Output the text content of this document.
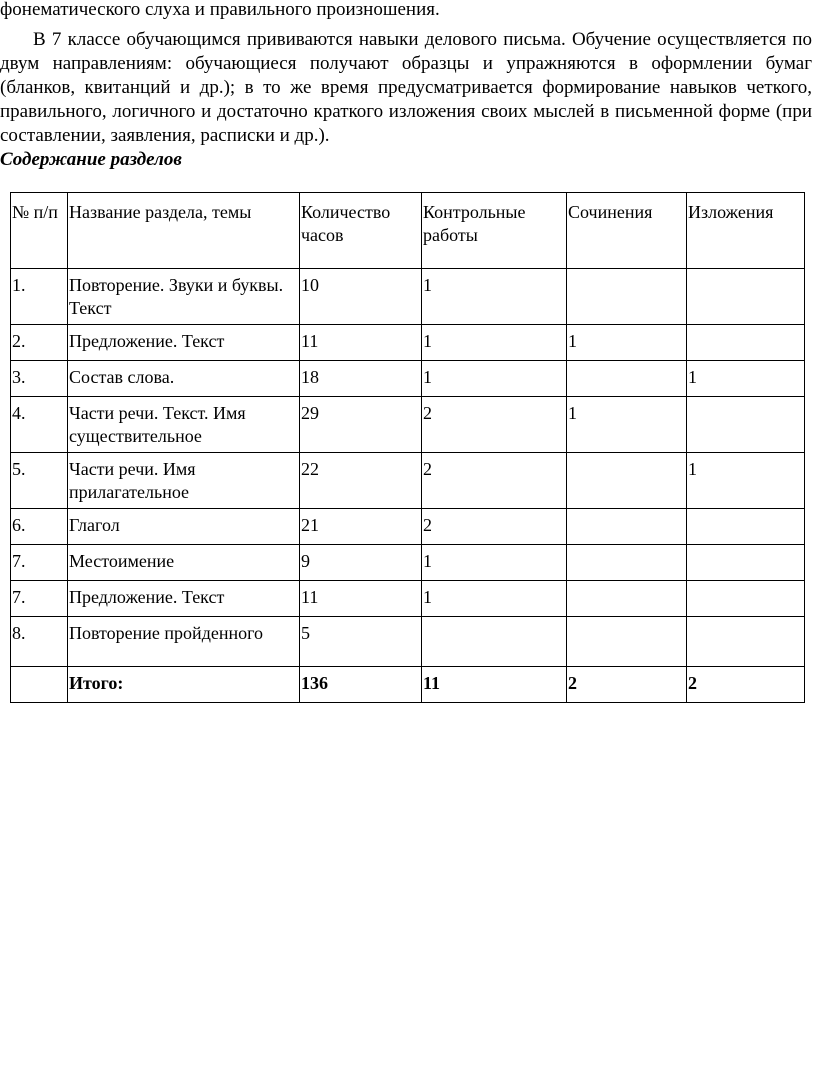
фонематического слуха и правильного произношения.

В 7 классе обучающимся прививаются навыки делового письма. Обучение осуществляется по двум направлениям: обучающиеся получают образцы и упражняются в оформлении бумаг (бланков, квитанций и др.); в то же время предусматривается формирование навыков четкого, правильного, логичного и достаточно краткого изложения своих мыслей в письменной форме (при составлении, заявления, расписки и др.).

Содержание разделов

№ п/п	Название раздела, темы	Количество часов	Контрольные работы	Сочинения	Изложения
1.	Повторение. Звуки и буквы. Текст	10	1		
2.	Предложение. Текст	11	1	1	
3.	Состав слова.	18	1		1
4.	Части речи. Текст. Имя существительное	29	2	1	
5.	Части речи. Имя прилагательное	22	2		1
6.	Глагол	21	2		
7.	Местоимение	9	1		
7.	Предложение. Текст	11	1		
8.	Повторение пройденного	5			
	Итого:	136	11	2	2
